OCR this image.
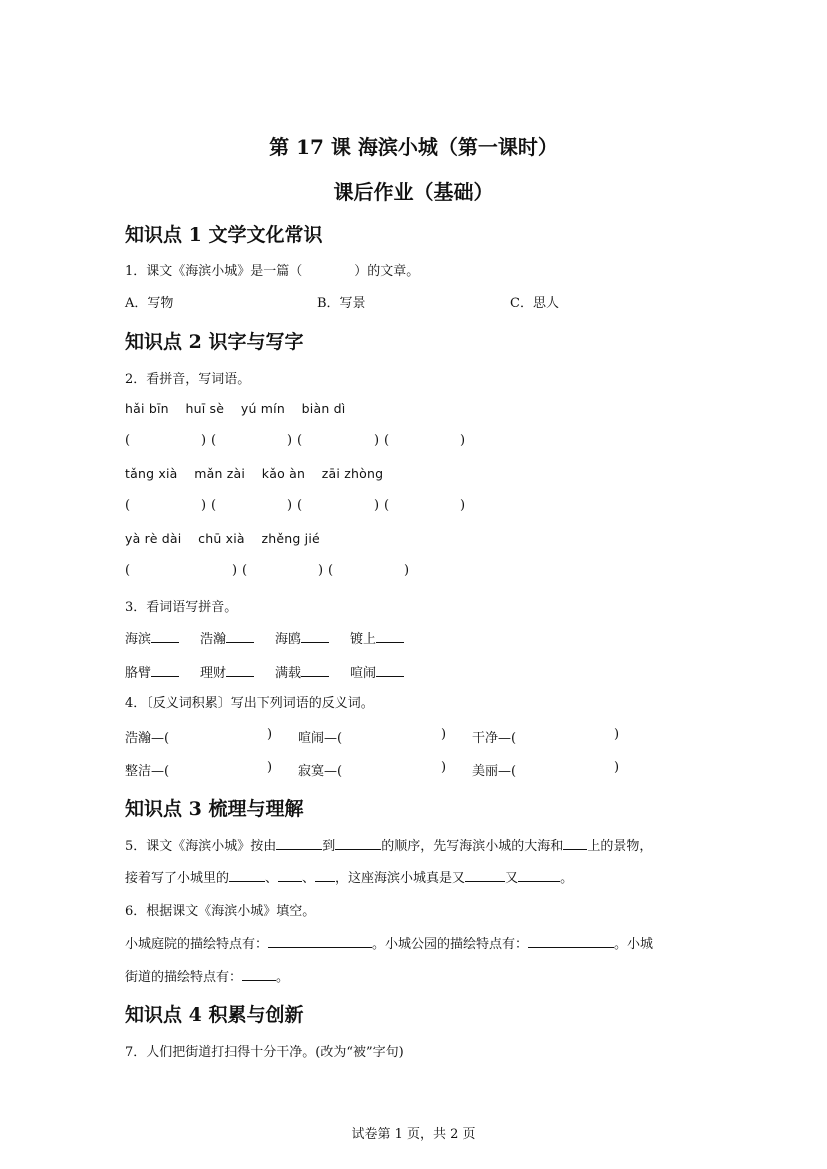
第 17 课 海滨小城（第一课时）
课后作业（基础）
知识点 1 文学文化常识
1．课文《海滨小城》是一篇（	）的文章。
A．写物	B．写景	C．思人
知识点 2 识字与写字
2．看拼音，写词语。
hǎi bīn huī sè yú mín biàn dì
(	) (	) (	) (	)
tǎng xià mǎn zài kǎo àn zāi zhòng
(	) (	) (	) (	)
yà rè dài chū xià zhěng jié
(	) (	) (	)
3．看词语写拼音。
海滨	浩瀚	海鸥	镀上
胳臂	理财	满载	喧闹
4．〔反义词积累〕写出下列词语的反义词。
浩瀚—(	) 喧闹—(	) 干净—(	)
整洁—(	) 寂寞—(	) 美丽—(	)
知识点 3 梳理与理解
5．课文《海滨小城》按由	到	的顺序，先写海滨小城的大海和 上的景物，
接着写了小城里的	、 、 ，这座海滨小城真是又	又	。
6．根据课文《海滨小城》填空。
小城庭院的描绘特点有：	。小城公园的描绘特点有：	。小城
街道的描绘特点有：	。
知识点 4 积累与创新
7．人们把街道打扫得十分干净。(改为“被”字句)
试卷第 1 页，共 2 页
